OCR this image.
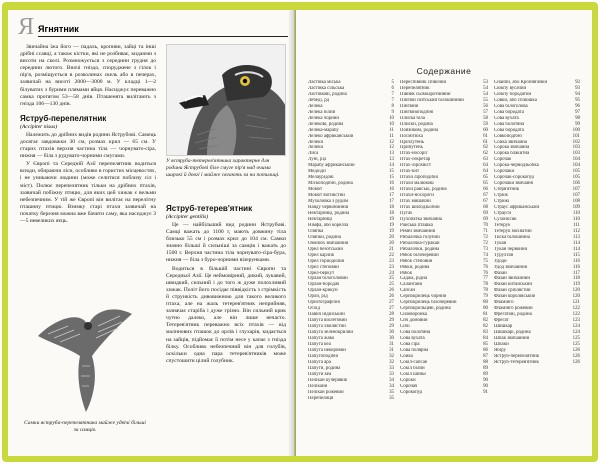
Я Ягнятник

Звичайна їжа його — падаль, кропиви, зайці та інші дрібні ссавці, а також кістки, які не розбиває, кидаючи з висоти на скелі. Розмножується з середини грудня до середини лютого. Вночі гніздо, споруджене з гілок і пір'я, розміщується в розколинах скель або в печерах, зазвичай на висоті 2000—3000 м. У кладці 1—2 білуватих з бурими плямами яйця. Насиджує переважно самка протягом 53—58 днів. Пташенята вилітають з гнізда 106—130 днів.

Яструб-перепелятник
(Accipiter nisus)

Належить до дрібних видів родини Яструбові. Самець досягає завдовжки 30 см, розмах крил — 65 см. У старих птахів верхня частина тіла — чорнувато-сіра, нижня — біла з рудувато-чорними смугами.

У Європі та Середній Азії перепелятник водиться всюди, обираючи ліси, особливо в гористих місцевостях, і не уникаючи людини (може селитися поблизу сіл і міст). Полює перепелятник тільки на дрібних птахів, зазвичай побіжну птицю, для яких цей хижак є вельми небезпечним. У тій же Європі він вилітає на перелітну пташину птицю. Взимку старі птахи зазвичай на початку березня можна вже бачити саму, яка насиджує 3—5 невеликих яєць.

У яструба-тетерев'ятника характерне для родини Яструбові біле смуге пір'я над очима широкі й довгі і майже сягають за на потилиці.
Яструб-тетерев'ятник
(Accipiter gentilis)

Це — найбільший вид родини Яструбові. Самці важать до 1100 г, мають довжину тіла близько 55 см і розмах крил до 104 см. Самки значно більші й сильніші за самців і важать до 1500 г. Верхня частина тіла чорнувато-сіра-бура, нижня — біла з буро-чорними візерунками.

Водиться в більшій частині Європи та Середньої Азії. Це неймовірний, дикий, лукавий, швидкий, сильний і до того ж дуже полохливий хижак. Політ його посідає піввідкість з стрімкість й стрункість дивовижною для такого великого птаха, але на жаль тетерев'ятник неприйняв, зазначає старіба і дуже грізно. Він сильний крик чутно далеко, але він лише нечасто. Тетерев'ятник переважно всіх птахів — від малинових пташок до орлів і глухарів, кидається на зайців, підйомає її потім несе у капає з гнізда білку. Особливо небезпечний він для голубів, оскільки одна пара тетерев'ятників може спустошити цілий голубник.

Самки яструба-перепелятника майже удвічі більші за самців.
Содержание
Ластівка міська	5
Ластівка сільська	6
Ластівкові, родина	7
Лебеді, рд	7
Лелека	8
Лелека білий	9
Лелека чорний	10
Лелекові, родина	10
Лелека-марабу	11
Лелеко африканський	11
Лелеки	12
Лелеки	12
Лиса	13
Луні, рід	13
Марабу африканський	14
Медоїди	15
Мелаурідові	15
Міскоподібні, родина	16
Момот	16
Момот вогнистий	17
Мухоловка з рудим	17
Наяду червонийній	18
Нектарниці, родина	18
Нектарниці	19
Німфа, або корелла	19
Оляпка	19
Оляпки, родина	20
Омелюх звичайний	20
Орел безотський	21
Орел карлик	22
Орел гориодилий	23
Орел степовий	23
Орел-беркут	24
Орлан білоголовий	25
Орлан-бородач	25
Орлан-крикун	26
Орли, рід	26
Орнітографічні	27
Осоїд	27
Павич індійський	28
Папуга віолетовий	29
Папуга хвилястий	29
Папуга зеленокрилий	30
Папуга жако	30
Папуга кеа	31
Папуга некоровий	31
Папугоподібні	32
Папуга ара	32
Папуги, родина	33
Папуги кеа	33
Пелікан кучерявий	34
Пелікани	34
Пелікан рожевий	35
Перепелиця	35
Переспівник співочий	53
Перепелятник	54
Півник сьомоаротинний	54
Пінгвін світський білошийний	55
Пінгвіни	56
Пінгвіноподібні	57
Плиска біла	58
Плиски, родина	59
Повзикові, родина	60
Посмітюха	61
Пріплутень	61
Припутень	62
Птах-носоріг	62
Птах-секретар	63
Птах-лірохвіст	64
Птах-кит	64
Птахи ліроподібні	65
Птахи малюкові	65
Птахи райські, родина	66
Птахи-носороги	67
Птах мишачий	67
Птах шилодзьобий	68
Пугач	69
Пухопатка звичайна	69
Райська пташка	70
Ремез звичайний	71
Рибалочка голубий	72
Рибалочка-гуракай	72
Рибалочки, родина	73
Рябок білочеревий	74
Рябок степовий	75
Рябки, родина	76
Рябок	76
Саджа, рідна	77
Салангани	78
Сапсан	78
Серпокрилець чорний	79
Серпокрилець білочеревий	80
Серпокрильцеві, родина	80
Сизоворонка	81
Сич домовий	82
Сичі	82
Сова болотяна	83
Сова вухата	84
Сова сіра	85
Сова полярна	86
Сойка	87
Сокіл-сапсан	88
Сокіл білий	89
Сокіл шиньє	89
Сороки	90
Сорочач	90
Сорокопуд	91
Снайпи, або Кропив'янки	92
Сюкпу вусачий	93
Сюкпу бородатий	94
Совки, або сплюшка	95
Сова білоголова	96
Сова бородата	97
Сова вухата	98
Сова болотяна	99
Сова бородата	100
Совкоподібні	101
Сойка звичайна	102
Сорока звичайна	103
Сорока блакитна	103
Сорочак	104
Сорока-чернодзьобка	104
Сорочаки	105
Сорочак-сорокопуд	105
Сорочаки звичайні	106
Стерв'ятник	107
Стриж	107
Стрижі	108
Страус африканський	109
Страуси	110
Сухоносик	110
Тетерук	111
Тетерук мохнатий	112
Тиска білошийна	113
Тукан	114
Тукан червоний	114
Турухтан	115
Удоди	116
Удод звичайний	116
Фазан	117
Фазан звичайний	118
Фазан китайський	119
Фазан сріблястий	120
Фазан королівський	120
Фламінго	121
Фламінго рожевий	122
Фрегатові, родина	122
Фрегат	123
Шишкар	124
Шишкарі, родина	124
Шпак звичайний	125
Шпаки	125
Ябіру	126
Яструб-перепелятник	126
Яструб-тетерев'ятник	126
